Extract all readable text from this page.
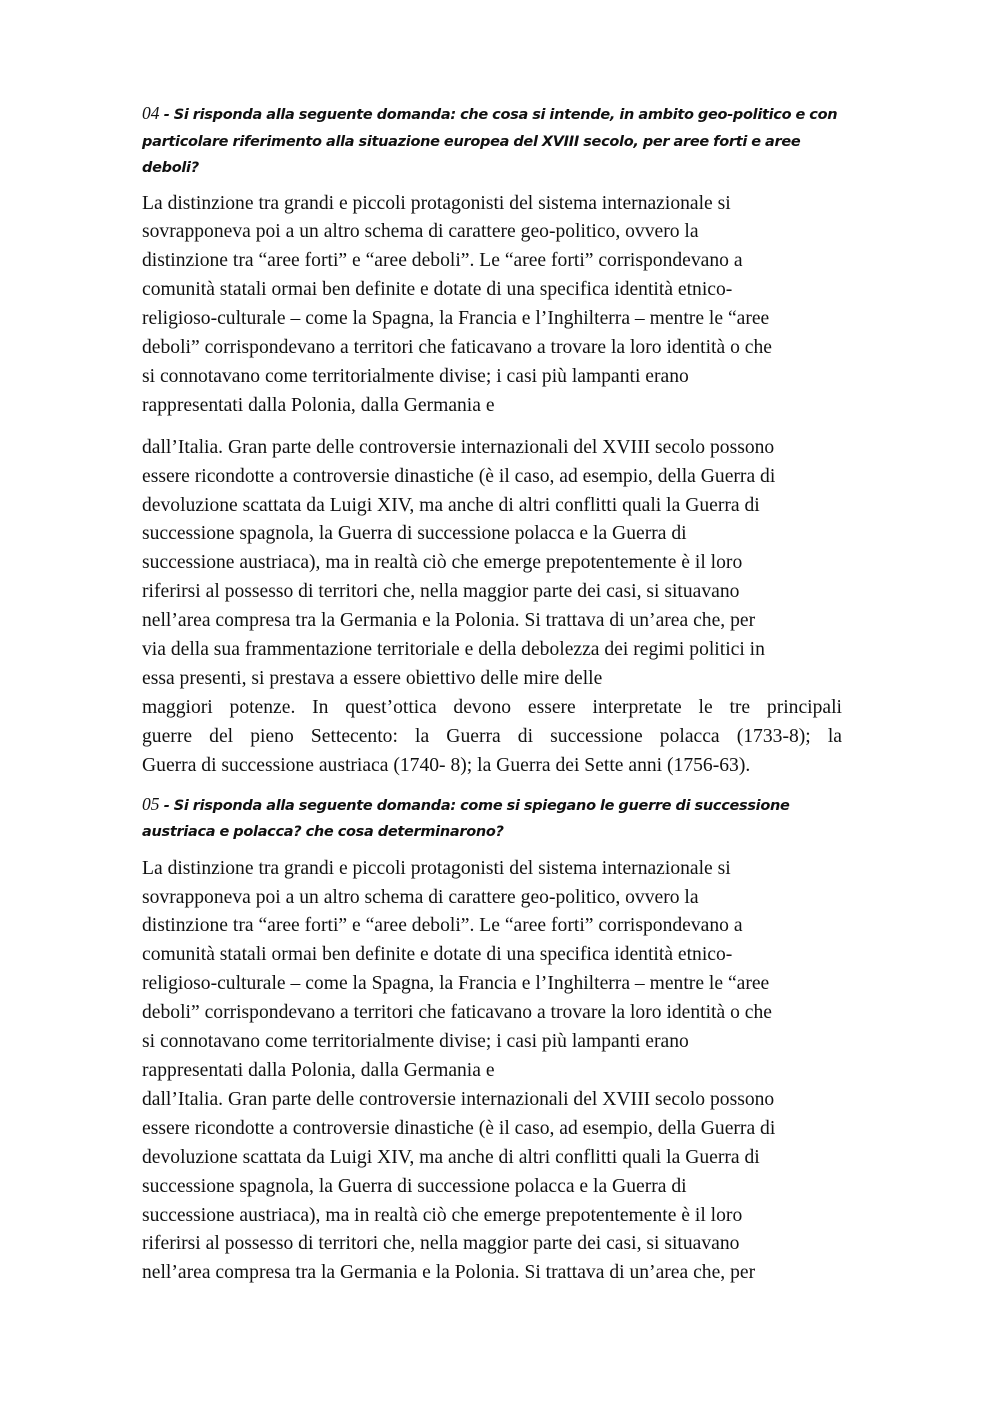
04 - Si risponda alla seguente domanda: che cosa si intende, in ambito geo-politico e con
particolare riferimento alla situazione europea del XVIII secolo, per aree forti e aree
deboli?
La distinzione tra grandi e piccoli protagonisti del sistema internazionale si
sovrapponeva poi a un altro schema di carattere geo-politico, ovvero la
distinzione tra “aree forti” e “aree deboli”. Le “aree forti” corrispondevano a
comunità statali ormai ben definite e dotate di una specifica identità etnico-
religioso-culturale – come la Spagna, la Francia e l’Inghilterra – mentre le “aree
deboli” corrispondevano a territori che faticavano a trovare la loro identità o che
si connotavano come territorialmente divise; i casi più lampanti erano
rappresentati dalla Polonia, dalla Germania e
dall’Italia. Gran parte delle controversie internazionali del XVIII secolo possono
essere ricondotte a controversie dinastiche (è il caso, ad esempio, della Guerra di
devoluzione scattata da Luigi XIV, ma anche di altri conflitti quali la Guerra di
successione spagnola, la Guerra di successione polacca e la Guerra di
successione austriaca), ma in realtà ciò che emerge prepotentemente è il loro
riferirsi al possesso di territori che, nella maggior parte dei casi, si situavano
nell’area compresa tra la Germania e la Polonia. Si trattava di un’area che, per
via della sua frammentazione territoriale e della debolezza dei regimi politici in
essa presenti, si prestava a essere obiettivo delle mire delle
maggiori potenze. In quest’ottica devono essere interpretate le tre principali
guerre del pieno Settecento: la Guerra di successione polacca (1733-8); la
Guerra di successione austriaca (1740- 8); la Guerra dei Sette anni (1756-63).
05 - Si risponda alla seguente domanda: come si spiegano le guerre di successione
austriaca e polacca? che cosa determinarono?
La distinzione tra grandi e piccoli protagonisti del sistema internazionale si
sovrapponeva poi a un altro schema di carattere geo-politico, ovvero la
distinzione tra “aree forti” e “aree deboli”. Le “aree forti” corrispondevano a
comunità statali ormai ben definite e dotate di una specifica identità etnico-
religioso-culturale – come la Spagna, la Francia e l’Inghilterra – mentre le “aree
deboli” corrispondevano a territori che faticavano a trovare la loro identità o che
si connotavano come territorialmente divise; i casi più lampanti erano
rappresentati dalla Polonia, dalla Germania e
dall’Italia. Gran parte delle controversie internazionali del XVIII secolo possono
essere ricondotte a controversie dinastiche (è il caso, ad esempio, della Guerra di
devoluzione scattata da Luigi XIV, ma anche di altri conflitti quali la Guerra di
successione spagnola, la Guerra di successione polacca e la Guerra di
successione austriaca), ma in realtà ciò che emerge prepotentemente è il loro
riferirsi al possesso di territori che, nella maggior parte dei casi, si situavano
nell’area compresa tra la Germania e la Polonia. Si trattava di un’area che, per
